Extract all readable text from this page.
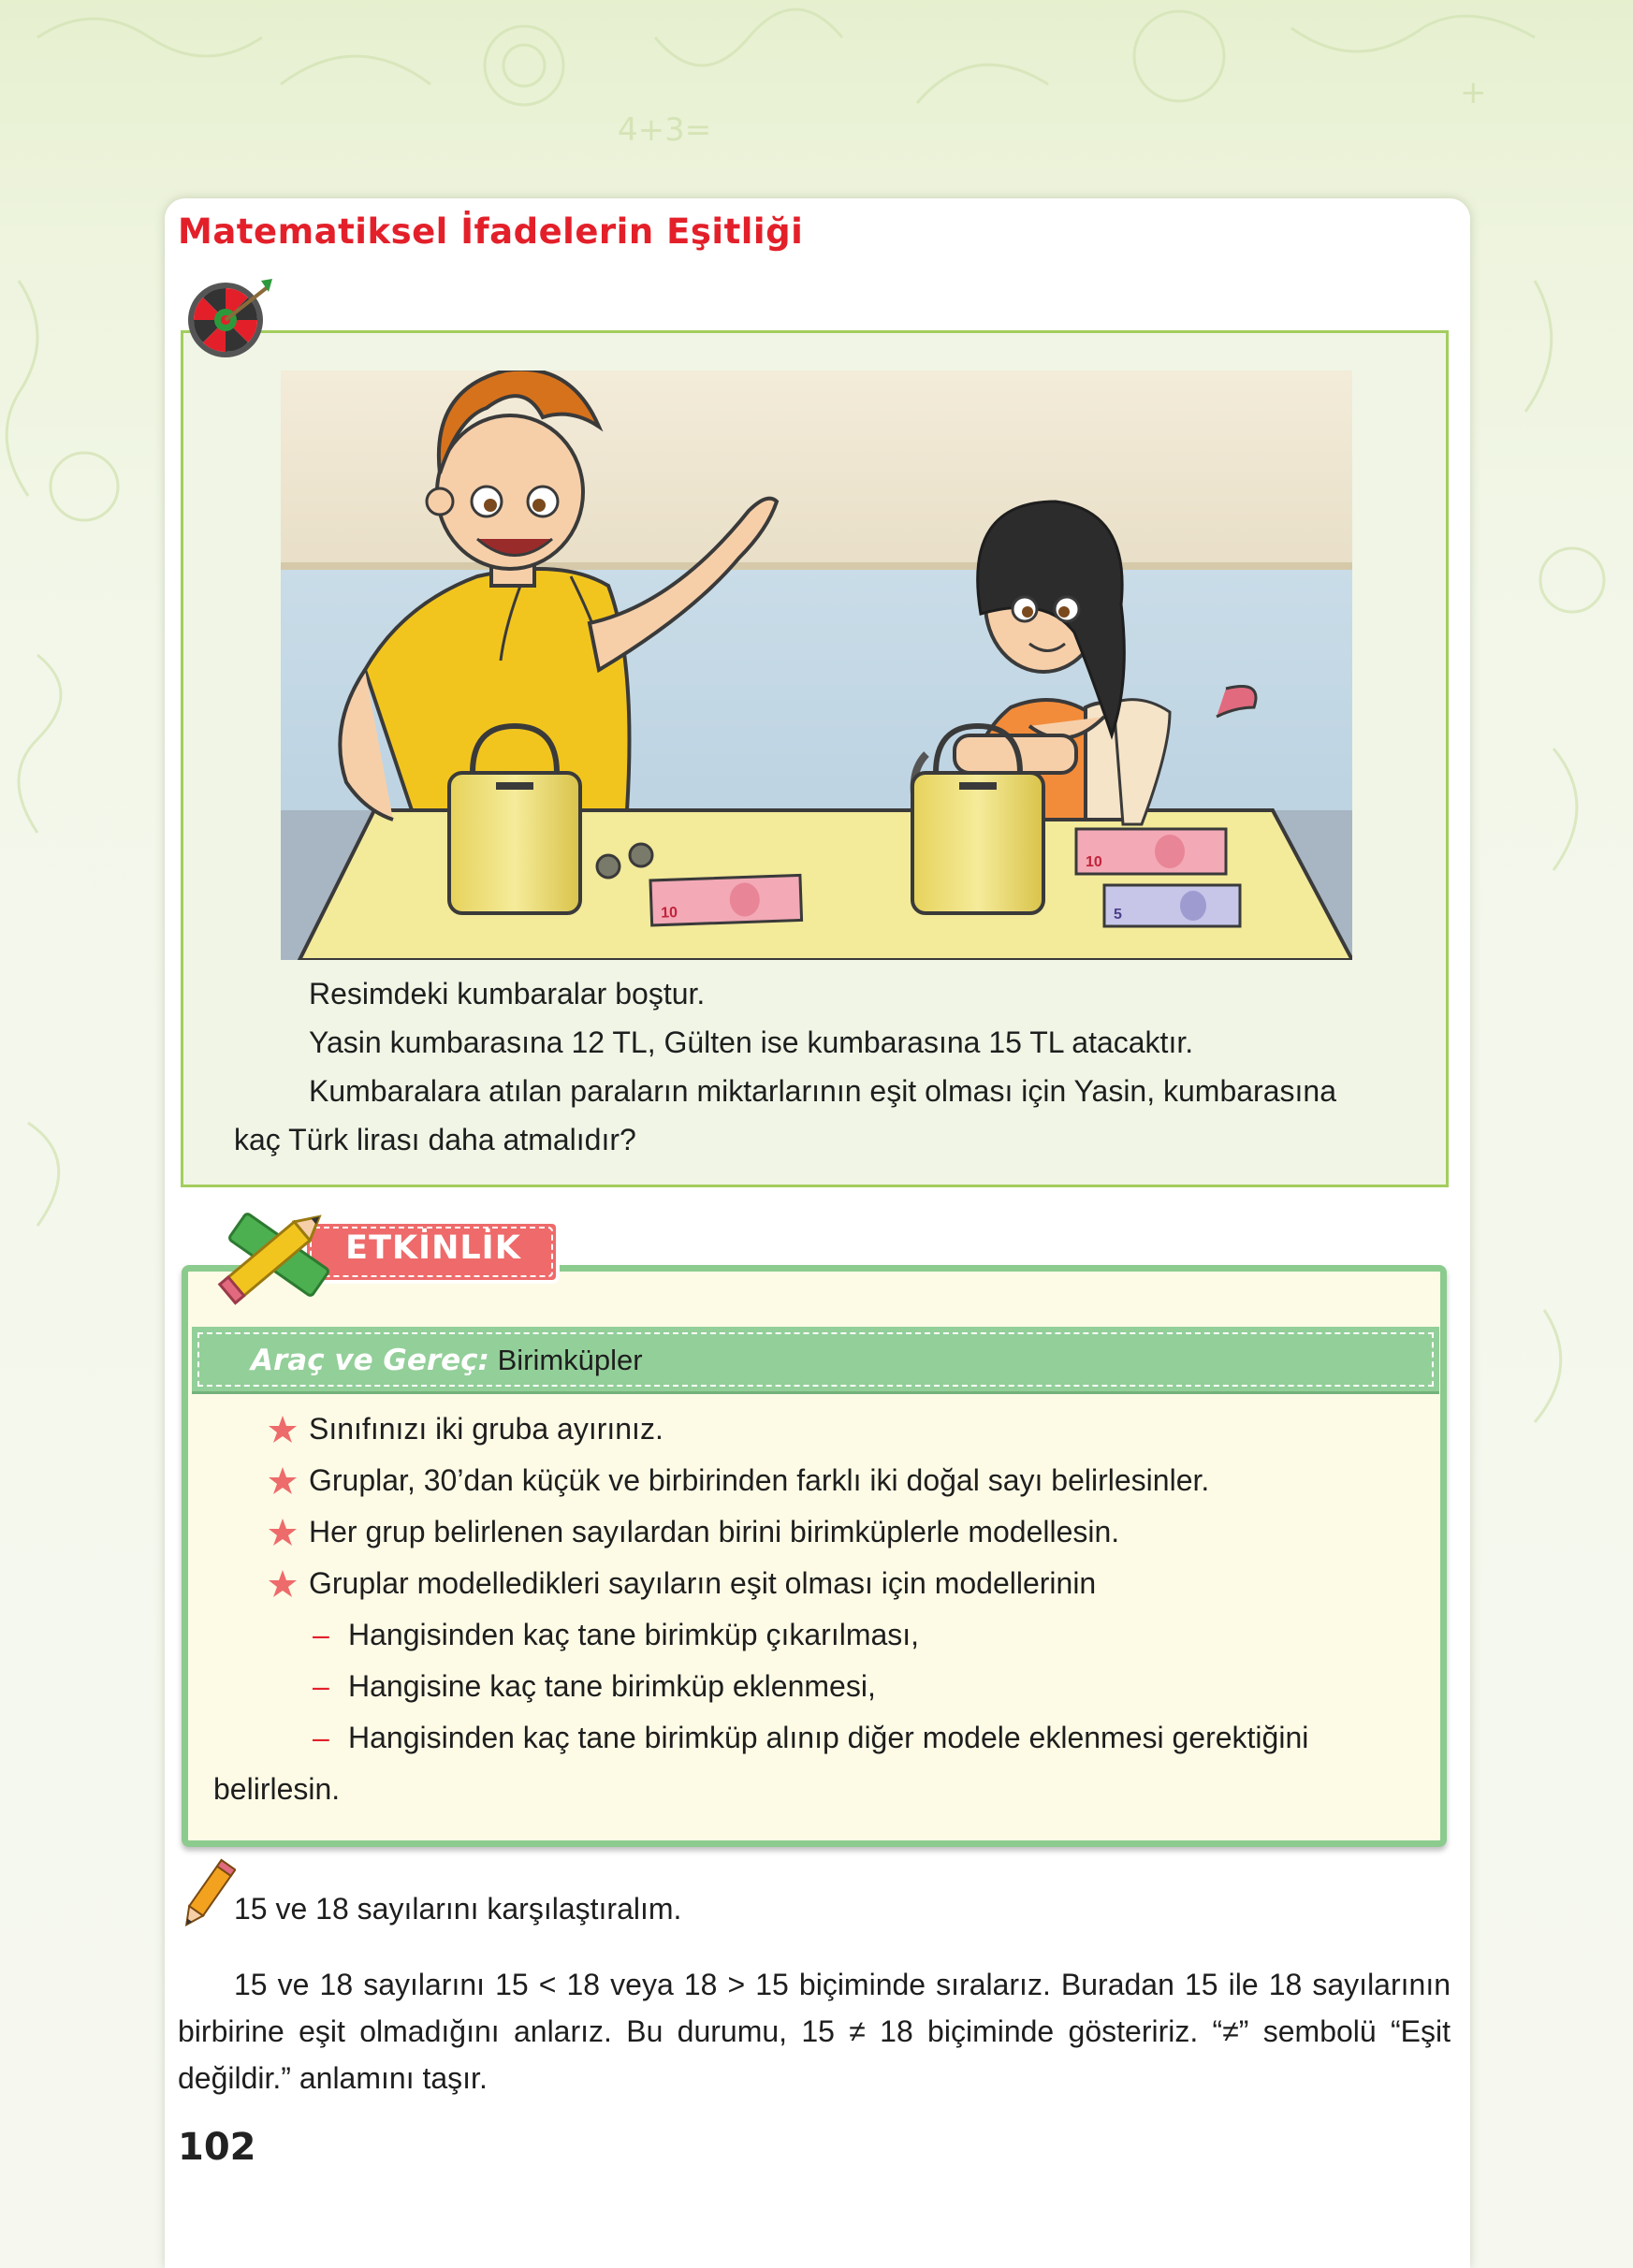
4+3=
+
Matematiksel İfadelerin Eşitliği
10
10
5

Resimdeki kumbaralar boştur.

Yasin kumbarasına 12 TL, Gülten ise kumbarasına 15 TL atacaktır.

Kumbaralara atılan paraların miktarlarının eşit olması için Yasin, kumbarasına kaç Türk lirası daha atmalıdır?

ETKİNLİK
Araç ve Gereç: Birimküpler
Sınıfınızı iki gruba ayırınız.
Gruplar, 30’dan küçük ve birbirinden farklı iki doğal sayı belirlesinler.
Her grup belirlenen sayılardan birini birimküplerle modellesin.
Gruplar modelledikleri sayıların eşit olması için modellerinin
– Hangisinden kaç tane birimküp çıkarılması,
– Hangisine kaç tane birimküp eklenmesi,
– Hangisinden kaç tane birimküp alınıp diğer modele eklenmesi gerektiğini
belirlesin.

15 ve 18 sayılarını karşılaştıralım.

15 ve 18 sayılarını 15 < 18 veya 18 > 15 biçiminde sıralarız. Buradan 15 ile 18 sayılarının birbirine eşit olmadığını anlarız. Bu durumu, 15 ≠ 18 biçiminde gösteririz. “≠” sembolü “Eşit değildir.” anlamını taşır.

102
